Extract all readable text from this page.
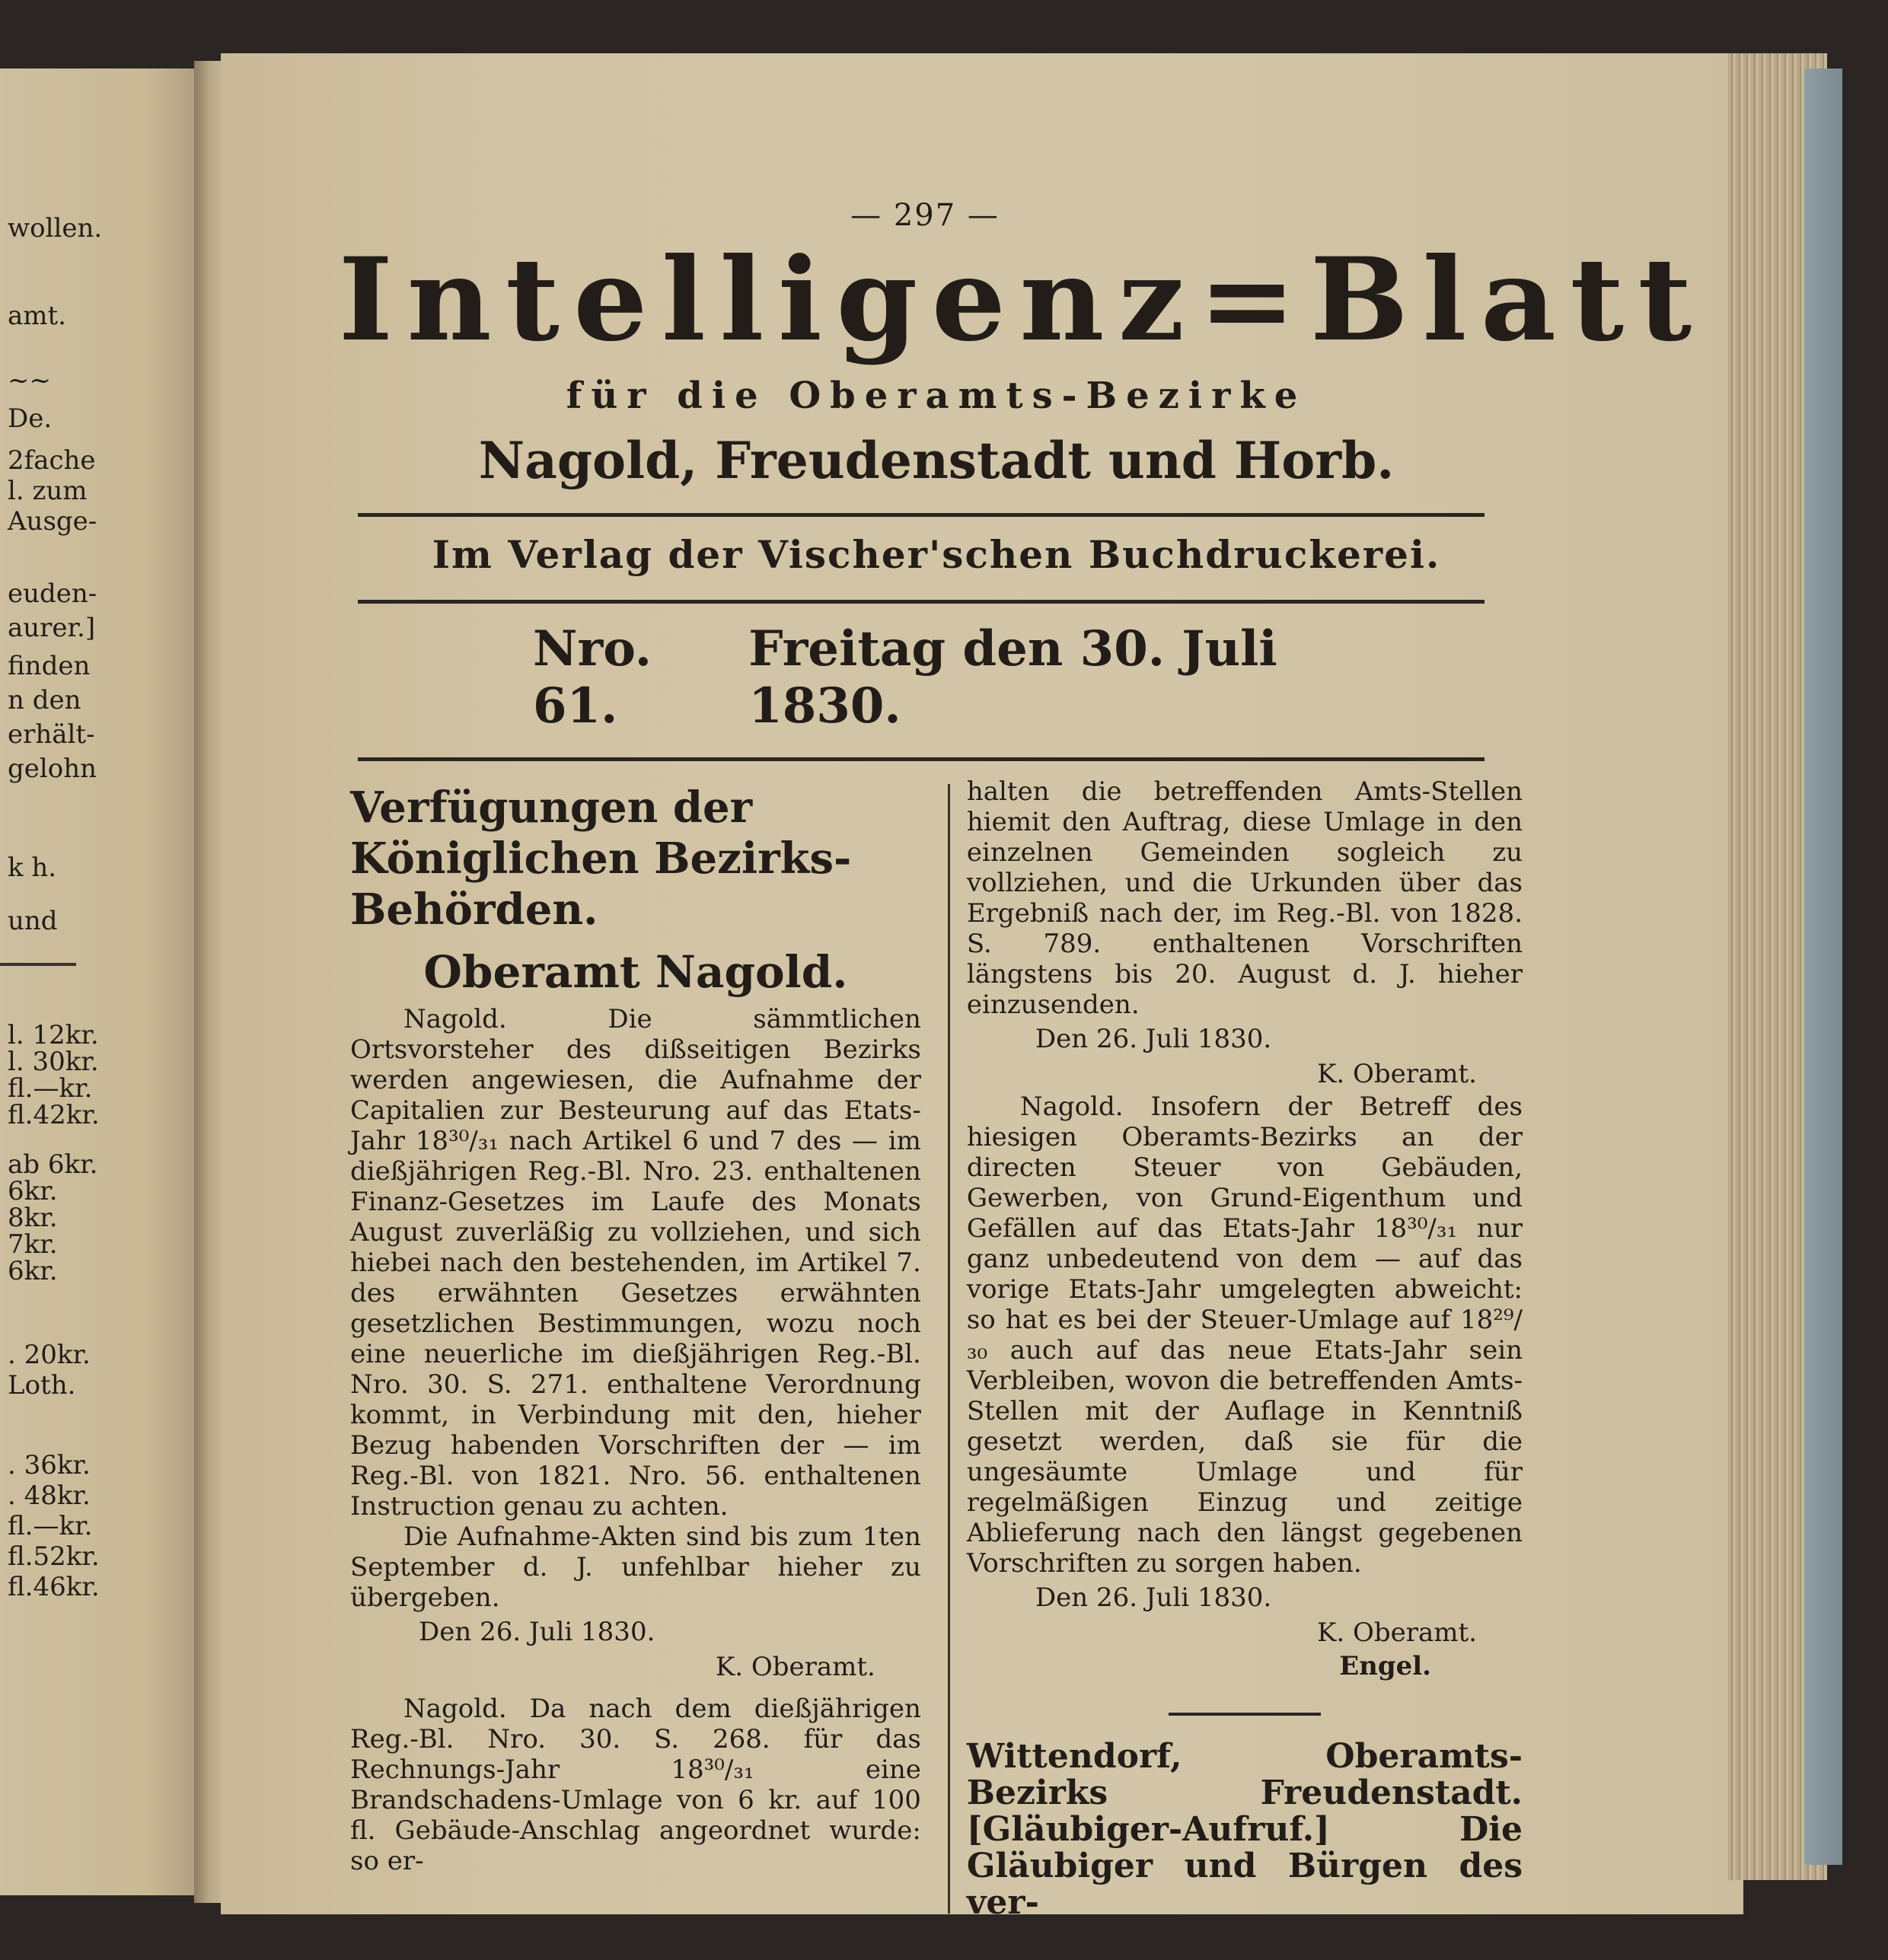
wollen.
amt.
~~
De.
2fache
l. zum
Ausge-
euden-
aurer.]
finden
n den
erhält-
gelohn
k h.
und
l. 12kr.
l. 30kr.
fl.—kr.
fl.42kr.
ab 6kr.
6kr.
8kr.
7kr.
6kr.
. 20kr.
Loth.
. 36kr.
. 48kr.
fl.—kr.
fl.52kr.
fl.46kr.
— 297 —
Intelligenz=Blatt
für die Oberamts-Bezirke
Nagold, Freudenstadt und Horb.
Im Verlag der Vischer'schen Buchdruckerei.
Nro. 61.
Freitag den 30. Juli 1830.
Verfügungen der Königlichen Bezirks-Behörden.
Oberamt Nagold.

Nagold. Die sämmtlichen Ortsvorsteher des dißseitigen Bezirks werden angewiesen, die Aufnahme der Capitalien zur Besteurung auf das Etats-Jahr 18³⁰/₃₁ nach Artikel 6 und 7 des — im dießjährigen Reg.-Bl. Nro. 23. enthaltenen Finanz-Gesetzes im Laufe des Monats August zuverläßig zu vollziehen, und sich hiebei nach den bestehenden, im Artikel 7. des erwähnten Gesetzes erwähnten gesetzlichen Bestimmungen, wozu noch eine neuerliche im dießjährigen Reg.-Bl. Nro. 30. S. 271. enthaltene Verordnung kommt, in Verbindung mit den, hieher Bezug habenden Vorschriften der — im Reg.-Bl. von 1821. Nro. 56. enthaltenen Instruction genau zu achten.

Die Aufnahme-Akten sind bis zum 1ten September d. J. unfehlbar hieher zu übergeben.

Den 26. Juli 1830.
K. Oberamt.

Nagold. Da nach dem dießjährigen Reg.-Bl. Nro. 30. S. 268. für das Rechnungs-Jahr 18³⁰/₃₁ eine Brandschadens-Umlage von 6 kr. auf 100 fl. Gebäude-Anschlag angeordnet wurde: so er-

halten die betreffenden Amts-Stellen hiemit den Auftrag, diese Umlage in den einzelnen Gemeinden sogleich zu vollziehen, und die Urkunden über das Ergebniß nach der, im Reg.-Bl. von 1828. S. 789. enthaltenen Vorschriften längstens bis 20. August d. J. hieher einzusenden.

Den 26. Juli 1830.
K. Oberamt.

Nagold. Insofern der Betreff des hiesigen Oberamts-Bezirks an der directen Steuer von Gebäuden, Gewerben, von Grund-Eigenthum und Gefällen auf das Etats-Jahr 18³⁰/₃₁ nur ganz unbedeutend von dem — auf das vorige Etats-Jahr umgelegten abweicht: so hat es bei der Steuer-Umlage auf 18²⁹/₃₀ auch auf das neue Etats-Jahr sein Verbleiben, wovon die betreffenden Amts-Stellen mit der Auflage in Kenntniß gesetzt werden, daß sie für die ungesäumte Umlage und für regelmäßigen Einzug und zeitige Ablieferung nach den längst gegebenen Vorschriften zu sorgen haben.

Den 26. Juli 1830.
K. Oberamt.
Engel.

Wittendorf, Oberamts-Bezirks Freudenstadt. [Gläubiger-Aufruf.] Die Gläubiger und Bürgen des ver-
